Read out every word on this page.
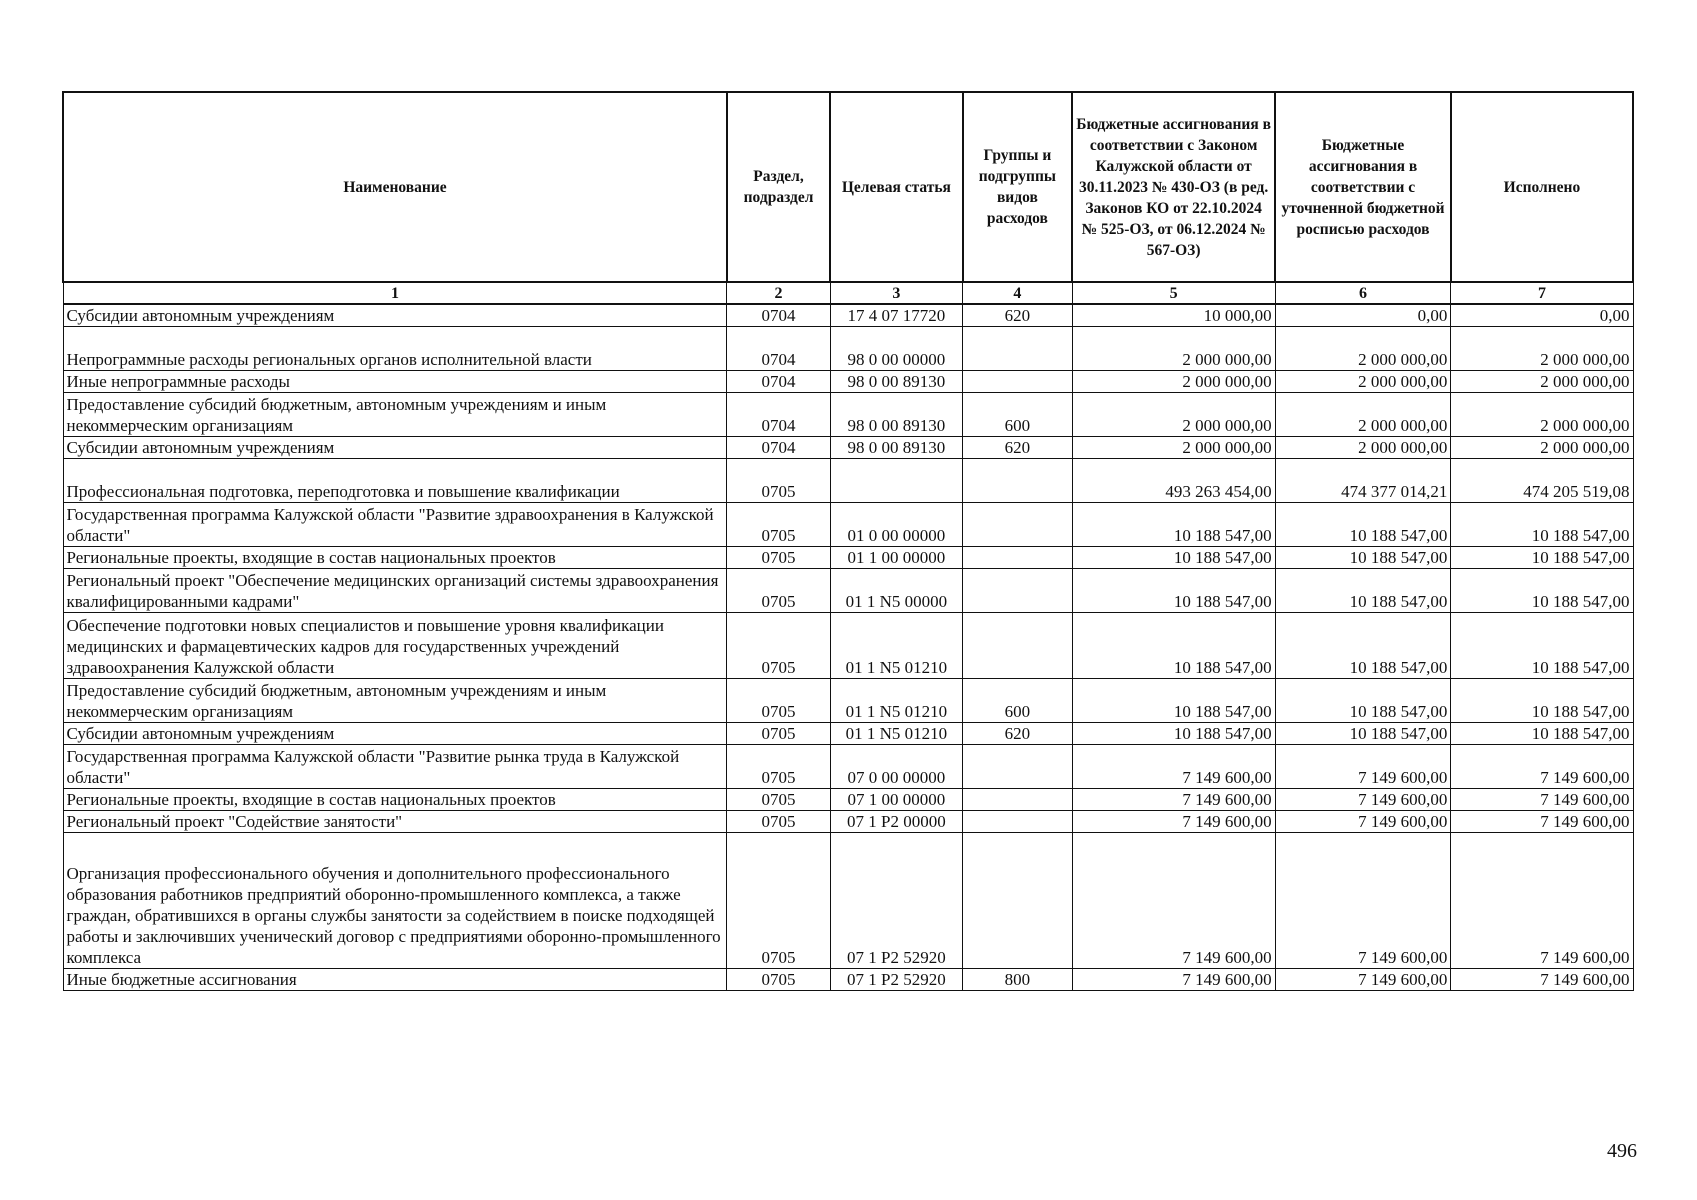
Наименование	Раздел, подраздел	Целевая статья	Группы и подгруппы видов расходов	Бюджетные ассигнования в соответствии с Законом Калужской области от 30.11.2023 № 430-ОЗ (в ред. Законов КО от 22.10.2024 № 525-ОЗ, от 06.12.2024 № 567-ОЗ)	Бюджетные ассигнования в соответствии с уточненной бюджетной росписью расходов	Исполнено
1	2	3	4	5	6	7
Субсидии автономным учреждениям	0704	17 4 07 17720	620	10 000,00	0,00	0,00
Непрограммные расходы региональных органов исполнительной власти	0704	98 0 00 00000		2 000 000,00	2 000 000,00	2 000 000,00
Иные непрограммные расходы	0704	98 0 00 89130		2 000 000,00	2 000 000,00	2 000 000,00
Предоставление субсидий бюджетным, автономным учреждениям и иным некоммерческим организациям	0704	98 0 00 89130	600	2 000 000,00	2 000 000,00	2 000 000,00
Субсидии автономным учреждениям	0704	98 0 00 89130	620	2 000 000,00	2 000 000,00	2 000 000,00
Профессиональная подготовка, переподготовка и повышение квалификации	0705			493 263 454,00	474 377 014,21	474 205 519,08
Государственная программа Калужской области "Развитие здравоохранения в Калужской области"	0705	01 0 00 00000		10 188 547,00	10 188 547,00	10 188 547,00
Региональные проекты, входящие в состав национальных проектов	0705	01 1 00 00000		10 188 547,00	10 188 547,00	10 188 547,00
Региональный проект "Обеспечение медицинских организаций системы здравоохранения квалифицированными кадрами"	0705	01 1 N5 00000		10 188 547,00	10 188 547,00	10 188 547,00
Обеспечение подготовки новых специалистов и повышение уровня квалификации медицинских и фармацевтических кадров для государственных учреждений здравоохранения Калужской области	0705	01 1 N5 01210		10 188 547,00	10 188 547,00	10 188 547,00
Предоставление субсидий бюджетным, автономным учреждениям и иным некоммерческим организациям	0705	01 1 N5 01210	600	10 188 547,00	10 188 547,00	10 188 547,00
Субсидии автономным учреждениям	0705	01 1 N5 01210	620	10 188 547,00	10 188 547,00	10 188 547,00
Государственная программа Калужской области "Развитие рынка труда в Калужской области"	0705	07 0 00 00000		7 149 600,00	7 149 600,00	7 149 600,00
Региональные проекты, входящие в состав национальных проектов	0705	07 1 00 00000		7 149 600,00	7 149 600,00	7 149 600,00
Региональный проект "Содействие занятости"	0705	07 1 P2 00000		7 149 600,00	7 149 600,00	7 149 600,00
Организация профессионального обучения и дополнительного профессионального образования работников предприятий оборонно-промышленного комплекса, а также граждан, обратившихся в органы службы занятости за содействием в поиске подходящей работы и заключивших ученический договор с предприятиями оборонно-промышленного комплекса	0705	07 1 P2 52920		7 149 600,00	7 149 600,00	7 149 600,00
Иные бюджетные ассигнования	0705	07 1 P2 52920	800	7 149 600,00	7 149 600,00	7 149 600,00
496
